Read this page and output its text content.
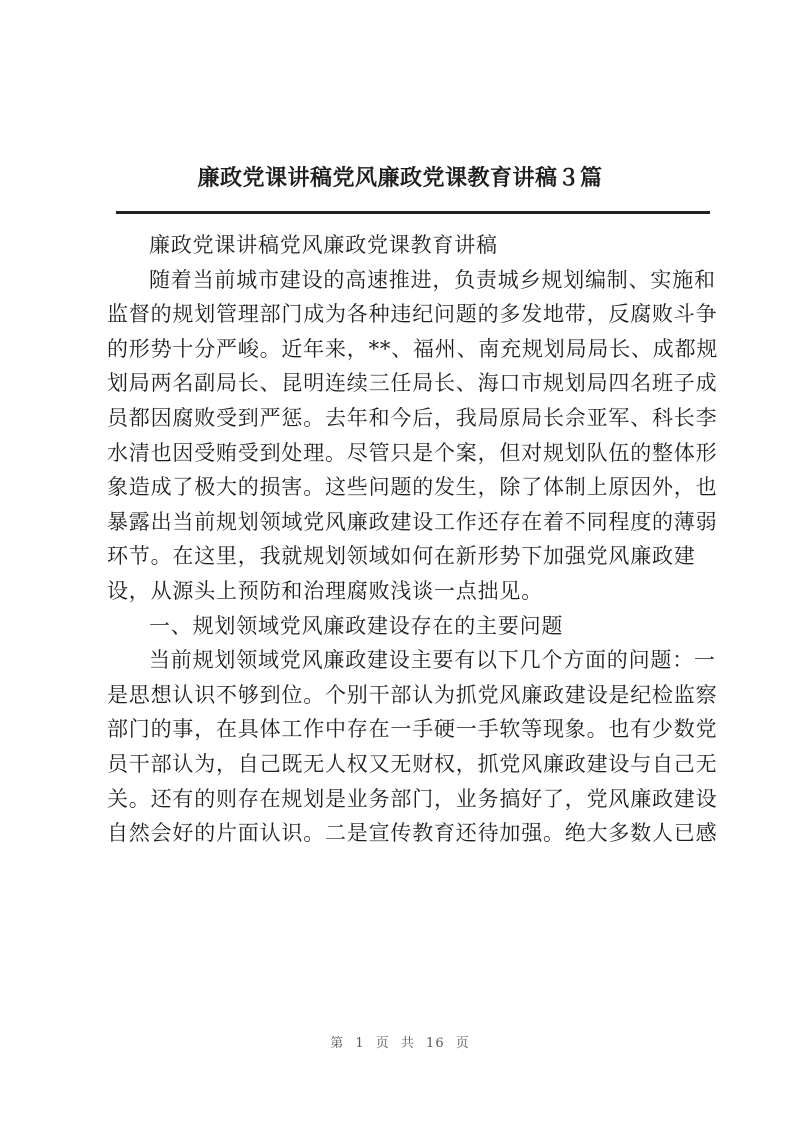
廉政党课讲稿党风廉政党课教育讲稿３篇
廉政党课讲稿党风廉政党课教育讲稿
随着当前城市建设的高速推进，负责城乡规划编制、实施和
监督的规划管理部门成为各种违纪问题的多发地带，反腐败斗争
的形势十分严峻。近年来，**、福州、南充规划局局长、成都规
划局两名副局长、昆明连续三任局长、海口市规划局四名班子成
员都因腐败受到严惩。去年和今后，我局原局长佘亚军、科长李
水清也因受贿受到处理。尽管只是个案，但对规划队伍的整体形
象造成了极大的损害。这些问题的发生，除了体制上原因外，也
暴露出当前规划领域党风廉政建设工作还存在着不同程度的薄弱
环节。在这里，我就规划领域如何在新形势下加强党风廉政建
设，从源头上预防和治理腐败浅谈一点拙见。
一、规划领域党风廉政建设存在的主要问题
当前规划领域党风廉政建设主要有以下几个方面的问题：一
是思想认识不够到位。个别干部认为抓党风廉政建设是纪检监察
部门的事，在具体工作中存在一手硬一手软等现象。也有少数党
员干部认为，自己既无人权又无财权，抓党风廉政建设与自己无
关。还有的则存在规划是业务部门，业务搞好了，党风廉政建设
自然会好的片面认识。二是宣传教育还待加强。绝大多数人已感
第 1 页 共 16 页
